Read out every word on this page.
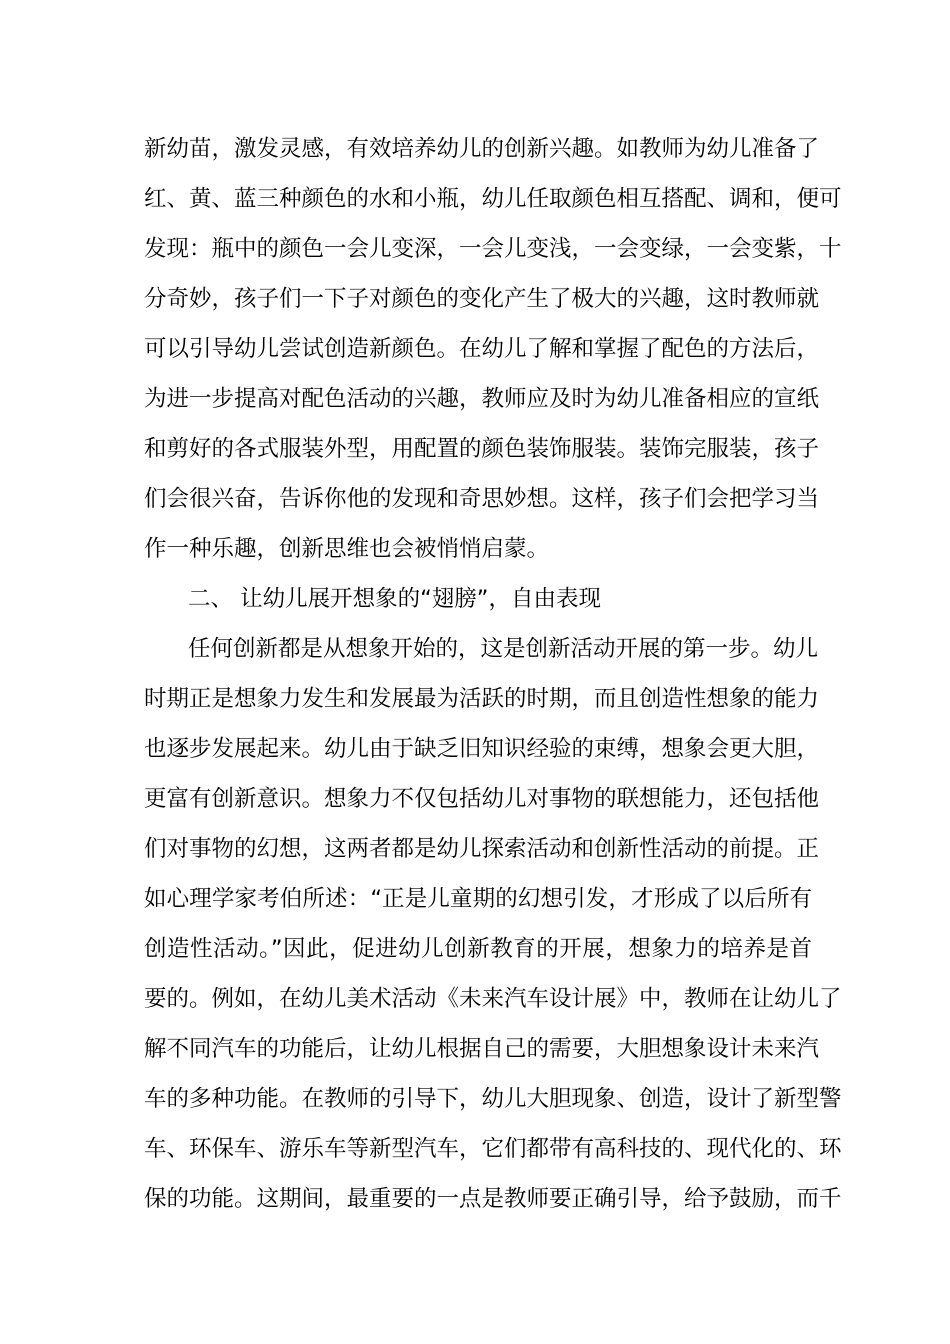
新幼苗，激发灵感，有效培养幼儿的创新兴趣。如教师为幼儿准备了
红、黄、蓝三种颜色的水和小瓶，幼儿任取颜色相互搭配、调和，便可
发现：瓶中的颜色一会儿变深，一会儿变浅，一会变绿，一会变紫，十
分奇妙，孩子们一下子对颜色的变化产生了极大的兴趣，这时教师就
可以引导幼儿尝试创造新颜色。在幼儿了解和掌握了配色的方法后，
为进一步提高对配色活动的兴趣，教师应及时为幼儿准备相应的宣纸
和剪好的各式服装外型，用配置的颜色装饰服装。装饰完服装，孩子
们会很兴奋，告诉你他的发现和奇思妙想。这样，孩子们会把学习当
作一种乐趣，创新思维也会被悄悄启蒙。
二、 让幼儿展开想象的“翅膀”，自由表现
任何创新都是从想象开始的，这是创新活动开展的第一步。幼儿
时期正是想象力发生和发展最为活跃的时期，而且创造性想象的能力
也逐步发展起来。幼儿由于缺乏旧知识经验的束缚，想象会更大胆，
更富有创新意识。想象力不仅包括幼儿对事物的联想能力，还包括他
们对事物的幻想，这两者都是幼儿探索活动和创新性活动的前提。正
如心理学家考伯所述：“正是儿童期的幻想引发，才形成了以后所有
创造性活动。”因此，促进幼儿创新教育的开展，想象力的培养是首
要的。例如，在幼儿美术活动《未来汽车设计展》中，教师在让幼儿了
解不同汽车的功能后，让幼儿根据自己的需要，大胆想象设计未来汽
车的多种功能。在教师的引导下，幼儿大胆现象、创造，设计了新型警
车、环保车、游乐车等新型汽车，它们都带有高科技的、现代化的、环
保的功能。这期间，最重要的一点是教师要正确引导，给予鼓励，而千
